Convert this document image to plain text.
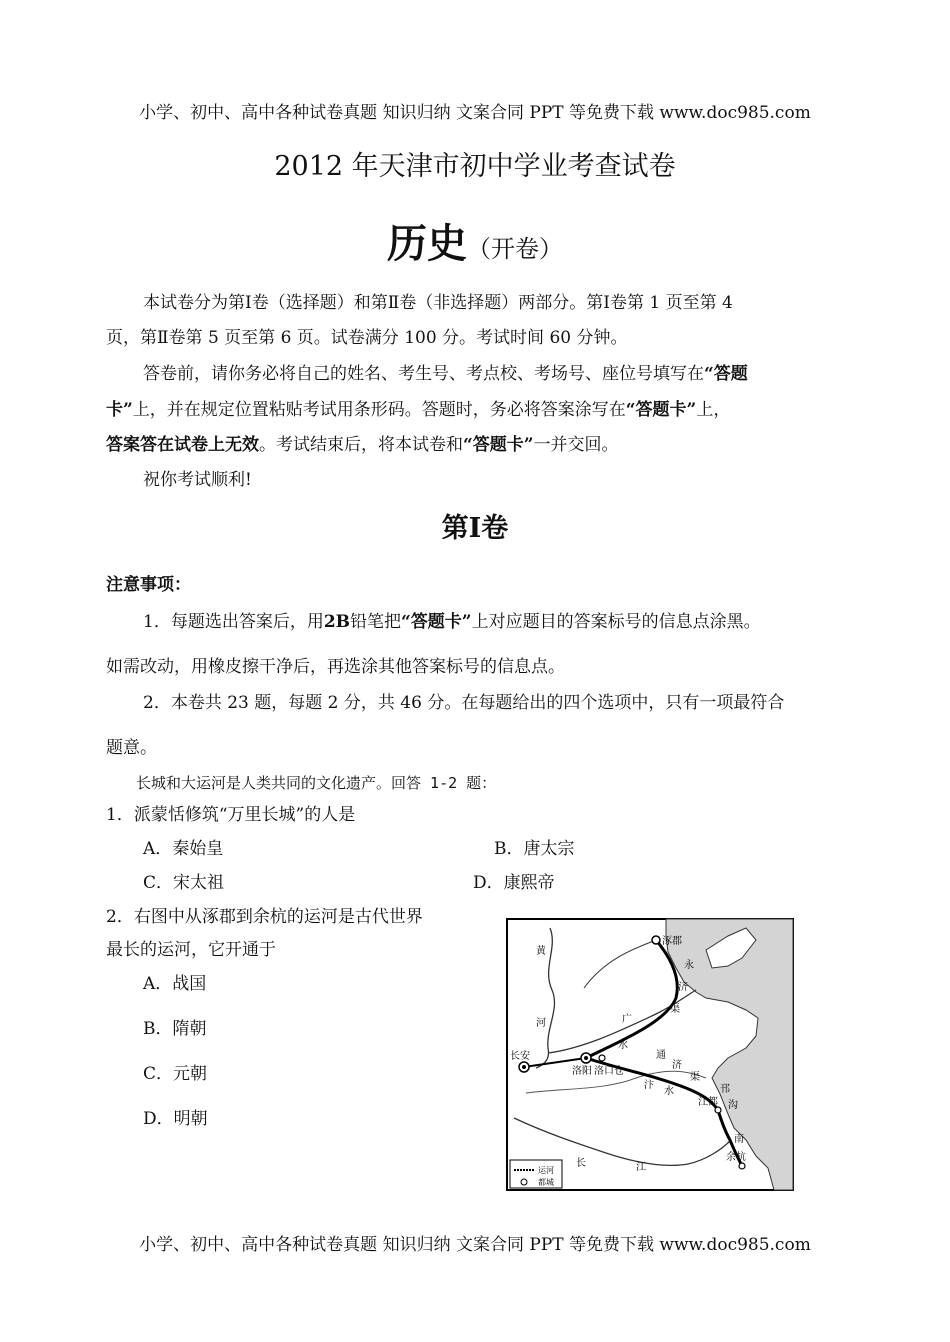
小学、初中、高中各种试卷真题 知识归纳 文案合同 PPT 等免费下载 www.doc985.com
2012 年天津市初中学业考查试卷
历史（开卷）
本试卷分为第Ⅰ卷（选择题）和第Ⅱ卷（非选择题）两部分。第Ⅰ卷第 1 页至第 4
页，第Ⅱ卷第 5 页至第 6 页。试卷满分 100 分。考试时间 60 分钟。
答卷前，请你务必将自己的姓名、考生号、考点校、考场号、座位号填写在“答题
卡”上，并在规定位置粘贴考试用条形码。答题时，务必将答案涂写在“答题卡”上，
答案答在试卷上无效。考试结束后，将本试卷和“答题卡”一并交回。
祝你考试顺利!
第Ⅰ卷
注意事项：
1．每题选出答案后，用2B铅笔把“答题卡”上对应题目的答案标号的信息点涂黑。
如需改动，用橡皮擦干净后，再选涂其他答案标号的信息点。
2．本卷共 23 题，每题 2 分，共 46 分。在每题给出的四个选项中，只有一项最符合
题意。
长城和大运河是人类共同的文化遗产。回答 1-2 题：
1．派蒙恬修筑“万里长城”的人是
A．秦始皇	B．唐太宗
C．宋太祖	D．康熙帝
2．右图中从涿郡到余杭的运河是古代世界
最长的运河，它开通于
A．战国
B．隋朝
C．元朝
D．明朝
涿郡
长安
洛阳 洛口仓
江都
余杭
黄
河
长	江
永
济
渠
通
济
渠
邗
沟
南
广
水
汴
水
运河
都城
小学、初中、高中各种试卷真题 知识归纳 文案合同 PPT 等免费下载 www.doc985.com
